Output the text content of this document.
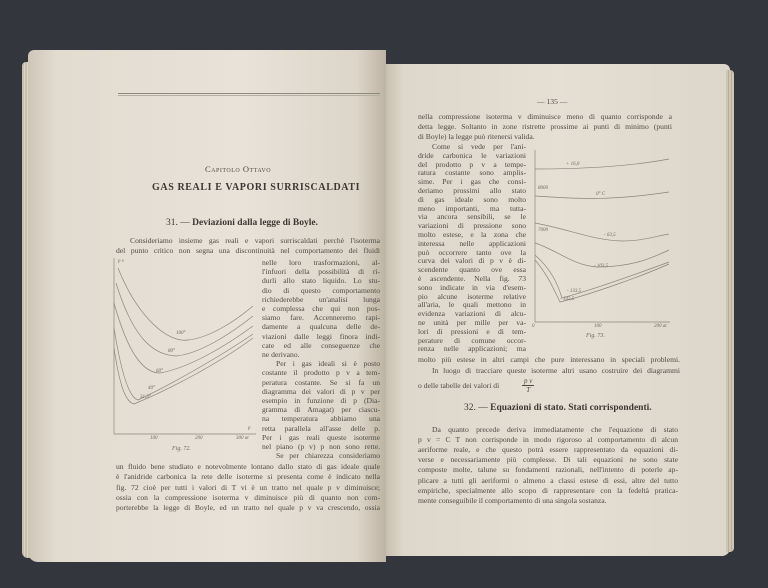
Capitolo Ottavo
GAS REALI E VAPORI SURRISCALDATI
31. — Deviazioni dalla legge di Boyle.
Consideriamo insieme gas reali e vapori surriscaldati perchè l'isoterma
del punto critico non segna una discontinuità nel comportamento dei fluidi
nelle loro trasformazioni, al-
l'infuori della possibilità di ri-
durli allo stato liquido. Lo stu-
dio di questo comportamento
richiederebbe un'analisi lunga
e complessa che qui non pos-
siamo fare. Accenneremo rapi-
damente a qualcuna delle de-
viazioni dalle leggi finora indi-
cate ed alle conseguenze che
ne derivano.
Per i gas ideali si è posto
costante il prodotto p v a tem-
peratura costante. Se si fa un
diagramma dei valori di p v per
esempio in funzione di p (Dia-
gramma di Amagat) per ciascu-
na temperatura abbiamo una
retta parallela all'asse delle p.
Per i gas reali queste isoterme
nel piano (p v) p non sono rette.
Se per chiarezza consideriamo
un fluido bene studiato e notevolmente lontano dallo stato di gas ideale quale
è l'anidride carbonica la rete delle isoterme si presenta come è indicato nella
fig. 72 cioè per tutti i valori di T vi è un tratto nel quale p v diminuisce;
ossia con la compressione isoterma v diminuisce più di quanto non com-
porterebbe la legge di Boyle, ed un tratto nel quale p v va crescendo, ossia
p v
p
100	200	300 at
100°
80°
60°
40°
31,3°
Fig. 72.
— 135 —
nella compressione isoterma v diminuisce meno di quanto corrisponde a
detta legge. Soltanto in zone ristrette prossime ai punti di minimo (punti
di Boyle) la legge può ritenersi valida.
Come si vede per l'ani-
dride carbonica le variazioni
del prodotto p v a tempe-
ratura costante sono amplis-
sime. Per i gas che consi-
deriamo prossimi allo stato
di gas ideale sono molto
meno importanti, ma tutta-
via ancora sensibili, se le
variazioni di pressione sono
molto estese, e la zona che
interessa nelle applicazioni
può occorrere tanto ove la
curva dei valori di p v è di-
scendente quanto ove essa
è ascendente. Nella fig. 73
sono indicate in via d'esem-
pio alcune isoterme relative
all'aria, le quali mettono in
evidenza variazioni di alcu-
ne unità per mille per va-
lori di pressioni e di tem-
perature di comune occor-
renza nelle applicazioni; ma
8000
7000
0	100	200 at
+ 16,0
0° C
- 63,5
- 103,5
- 133,5
- 142,5
Fig. 73.
molto più estese in altri campi che pure interessano in speciali problemi.
In luogo di tracciare queste isoterme altri usano costruire dei diagrammi
o delle tabelle dei valori di	$\frac{\text{p v}}{T}$
32. — Equazioni di stato. Stati corrispondenti.
Da quanto precede deriva immediatamente che l'equazione di stato
p v = C T non corrisponde in modo rigoroso al comportamento di alcun
aeriforme reale, e che questo potrà essere rappresentato da equazioni di-
verse e necessariamente più complesse. Di tali equazioni ne sono state
composte molte, talune su fondamenti razionali, nell'intento di poterle ap-
plicare a tutti gli aeriformi o almeno a classi estese di essi, altre del tutto
empiriche, specialmente allo scopo di rappresentare con la fedeltà pratica-
mente conseguibile il comportamento di una singola sostanza.
